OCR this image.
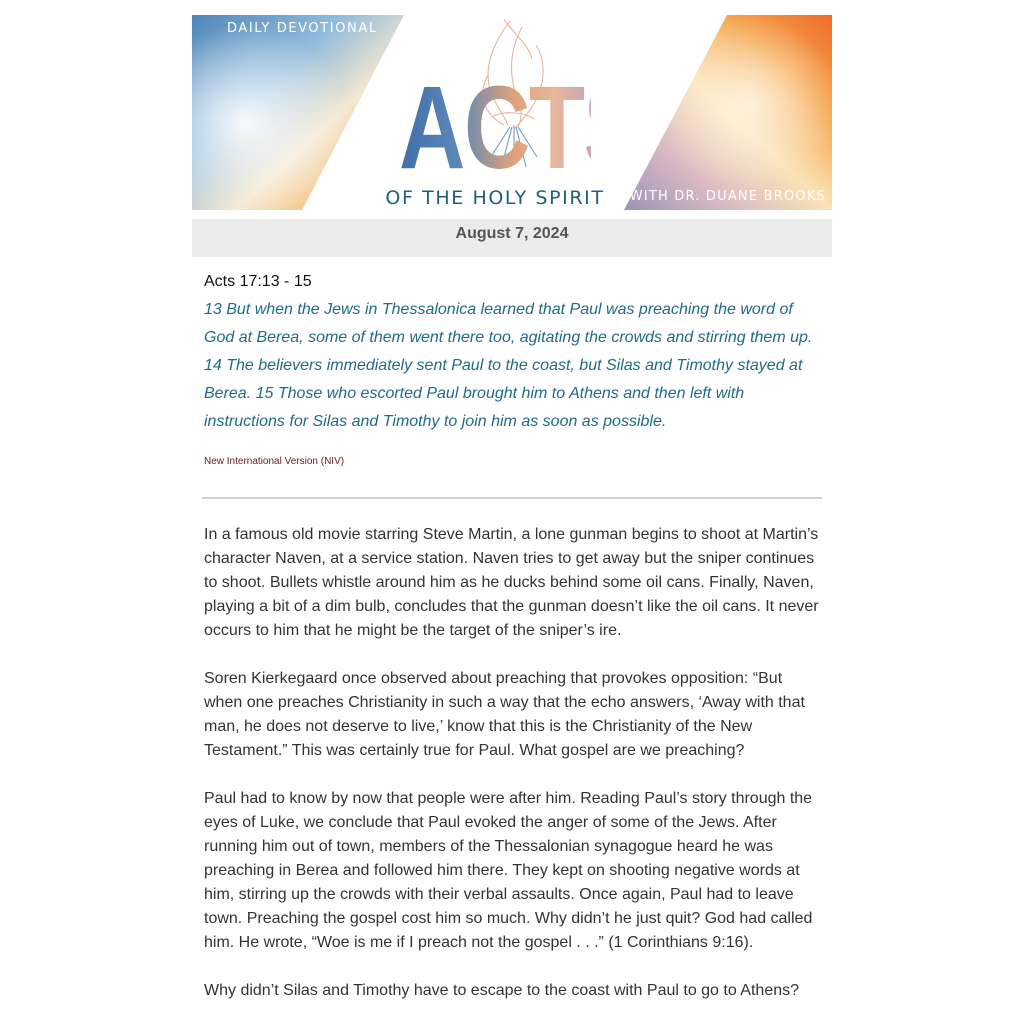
DAILY DEVOTIONAL
ACTS
OF THE HOLY SPIRIT	WITH DR. DUANE BROOKS
August 7, 2024
Acts 17:13 - 15
13 But when the Jews in Thessalonica learned that Paul was preaching the word of God at Berea, some of them went there too, agitating the crowds and stirring them up. 14 The believers immediately sent Paul to the coast, but Silas and Timothy stayed at Berea. 15 Those who escorted Paul brought him to Athens and then left with instructions for Silas and Timothy to join him as soon as possible.
New International Version (NIV)

In a famous old movie starring Steve Martin, a lone gunman begins to shoot at Martin’s character Naven, at a service station. Naven tries to get away but the sniper continues to shoot. Bullets whistle around him as he ducks behind some oil cans. Finally, Naven, playing a bit of a dim bulb, concludes that the gunman doesn’t like the oil cans. It never occurs to him that he might be the target of the sniper’s ire.

Soren Kierkegaard once observed about preaching that provokes opposition: “But when one preaches Christianity in such a way that the echo answers, ‘Away with that man, he does not deserve to live,’ know that this is the Christianity of the New Testament.” This was certainly true for Paul. What gospel are we preaching?

Paul had to know by now that people were after him. Reading Paul’s story through the eyes of Luke, we conclude that Paul evoked the anger of some of the Jews. After running him out of town, members of the Thessalonian synagogue heard he was preaching in Berea and followed him there. They kept on shooting negative words at him, stirring up the crowds with their verbal assaults. Once again, Paul had to leave town. Preaching the gospel cost him so much. Why didn’t he just quit? God had called him. He wrote, “Woe is me if I preach not the gospel . . .” (1 Corinthians 9:16).

Why didn’t Silas and Timothy have to escape to the coast with Paul to go to Athens?
